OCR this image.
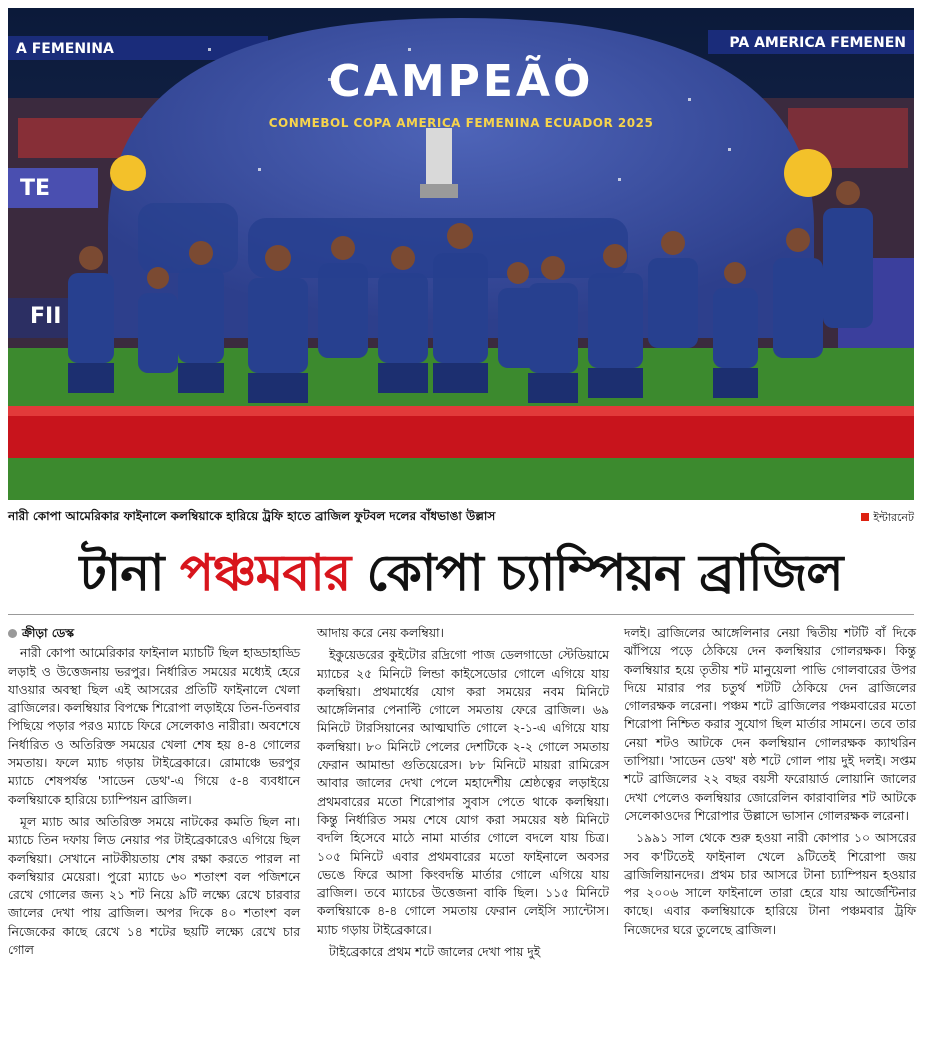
A FEMENINA	PA AMERICA FEMENEN
CAMPEÃO
CONMEBOL COPA AMERICA FEMENINA ECUADOR 2025
TE
FII
নারী কোপা আমেরিকার ফাইনালে কলম্বিয়াকে হারিয়ে ট্রফি হাতে ব্রাজিল ফুটবল দলের বাঁধভাঙা উল্লাস	ইন্টারনেট
টানা পঞ্চমবার কোপা চ্যাম্পিয়ন ব্রাজিল
ক্রীড়া ডেস্ক

নারী কোপা আমেরিকার ফাইনাল ম্যাচটি ছিল হাড্ডাহাড্ডি লড়াই ও উত্তেজনায় ভরপুর। নির্ধারিত সময়ের মধ্যেই হেরে যাওয়ার অবস্থা ছিল এই আসরের প্রতিটি ফাইনালে খেলা ব্রাজিলের। কলম্বিয়ার বিপক্ষে শিরোপা লড়াইয়ে তিন-তিনবার পিছিয়ে পড়ার পরও ম্যাচে ফিরে সেলেকাও নারীরা। অবশেষে নির্ধারিত ও অতিরিক্ত সময়ের খেলা শেষ হয় ৪-৪ গোলের সমতায়। ফলে ম্যাচ গড়ায় টাইব্রেকারে। রোমাঞ্চে ভরপুর ম্যাচে শেষপর্যন্ত 'সাডেন ডেথ'-এ গিয়ে ৫-৪ ব্যবধানে কলম্বিয়াকে হারিয়ে চ্যাম্পিয়ন ব্রাজিল।

মূল ম্যাচ আর অতিরিক্ত সময়ে নাটকের কমতি ছিল না। ম্যাচে তিন দফায় লিড নেয়ার পর টাইব্রেকারেও এগিয়ে ছিল কলম্বিয়া। সেখানে নাটকীয়তায় শেষ রক্ষা করতে পারল না কলম্বিয়ার মেয়েরা। পুরো ম্যাচে ৬০ শতাংশ বল পজিশনে রেখে গোলের জন্য ২১ শট নিয়ে ৯টি লক্ষ্যে রেখে চারবার জালের দেখা পায় ব্রাজিল। অপর দিকে ৪০ শতাংশ বল নিজেকের কাছে রেখে ১৪ শটের ছয়টি লক্ষ্যে রেখে চার গোল

আদায় করে নেয় কলম্বিয়া।

ইকুয়েডরের কুইটোর রদ্রিগো পাজ ডেলগাডো স্টেডিয়ামে ম্যাচের ২৫ মিনিটে লিন্ডা কাইসেডোর গোলে এগিয়ে যায় কলম্বিয়া। প্রথমার্ধের যোগ করা সময়ের নবম মিনিটে আঙ্গেলিনার পেনাল্টি গোলে সমতায় ফেরে ব্রাজিল। ৬৯ মিনিটে টারসিয়ানের আত্মঘাতি গোলে ২-১-এ এগিয়ে যায় কলম্বিয়া। ৮০ মিনিটে পেলের দেশটিকে ২-২ গোলে সমতায় ফেরান আমান্ডা গুতিয়েরেস। ৮৮ মিনিটে মায়রা রামিরেস আবার জালের দেখা পেলে মহাদেশীয় শ্রেষ্ঠত্বের লড়াইয়ে প্রথমবারের মতো শিরোপার সুবাস পেতে থাকে কলম্বিয়া। কিন্তু নির্ধারিত সময় শেষে যোগ করা সময়ের ষষ্ঠ মিনিটে বদলি হিসেবে মাঠে নামা মার্তার গোলে বদলে যায় চিত্র। ১০৫ মিনিটে এবার প্রথমবারের মতো ফাইনালে অবসর ভেঙে ফিরে আসা কিংবদন্তি মার্তার গোলে এগিয়ে যায় ব্রাজিল। তবে ম্যাচের উত্তেজনা বাকি ছিল। ১১৫ মিনিটে কলম্বিয়াকে ৪-৪ গোলে সমতায় ফেরান লেইসি স্যান্টোস। ম্যাচ গড়ায় টাইব্রেকারে।

টাইব্রেকারে প্রথম শটে জালের দেখা পায় দুই

দলই। ব্রাজিলের আঙ্গেলিনার নেয়া দ্বিতীয় শটটি বাঁ দিকে ঝাঁপিয়ে পড়ে ঠেকিয়ে দেন কলম্বিয়ার গোলরক্ষক। কিন্তু কলম্বিয়ার হয়ে তৃতীয় শট মানুয়েলা পাভি গোলবারের উপর দিয়ে মারার পর চতুর্থ শটটি ঠেকিয়ে দেন ব্রাজিলের গোলরক্ষক লরেনা। পঞ্চম শটে ব্রাজিলের পঞ্চমবারের মতো শিরোপা নিশ্চিত করার সুযোগ ছিল মার্তার সামনে। তবে তার নেয়া শটও আটকে দেন কলম্বিয়ান গোলরক্ষক ক্যাথরিন তাপিয়া। 'সাডেন ডেথ' ষষ্ঠ শটে গোল পায় দুই দলই। সপ্তম শটে ব্রাজিলের ২২ বছর বয়সী ফরোয়ার্ড লোয়ানি জালের দেখা পেলেও কলম্বিয়ার জোরেলিন কারাবালির শট আটকে সেলেকাওদের শিরোপার উল্লাসে ভাসান গোলরক্ষক লরেনা।

১৯৯১ সাল থেকে শুরু হওয়া নারী কোপার ১০ আসরের সব ক'টিতেই ফাইনাল খেলে ৯টিতেই শিরোপা জয় ব্রাজিলিয়ানদের। প্রথম চার আসরে টানা চ্যাম্পিয়ন হওয়ার পর ২০০৬ সালে ফাইনালে তারা হেরে যায় আর্জেন্টিনার কাছে। এবার কলম্বিয়াকে হারিয়ে টানা পঞ্চমবার ট্রফি নিজেদের ঘরে তুলেছে ব্রাজিল।
